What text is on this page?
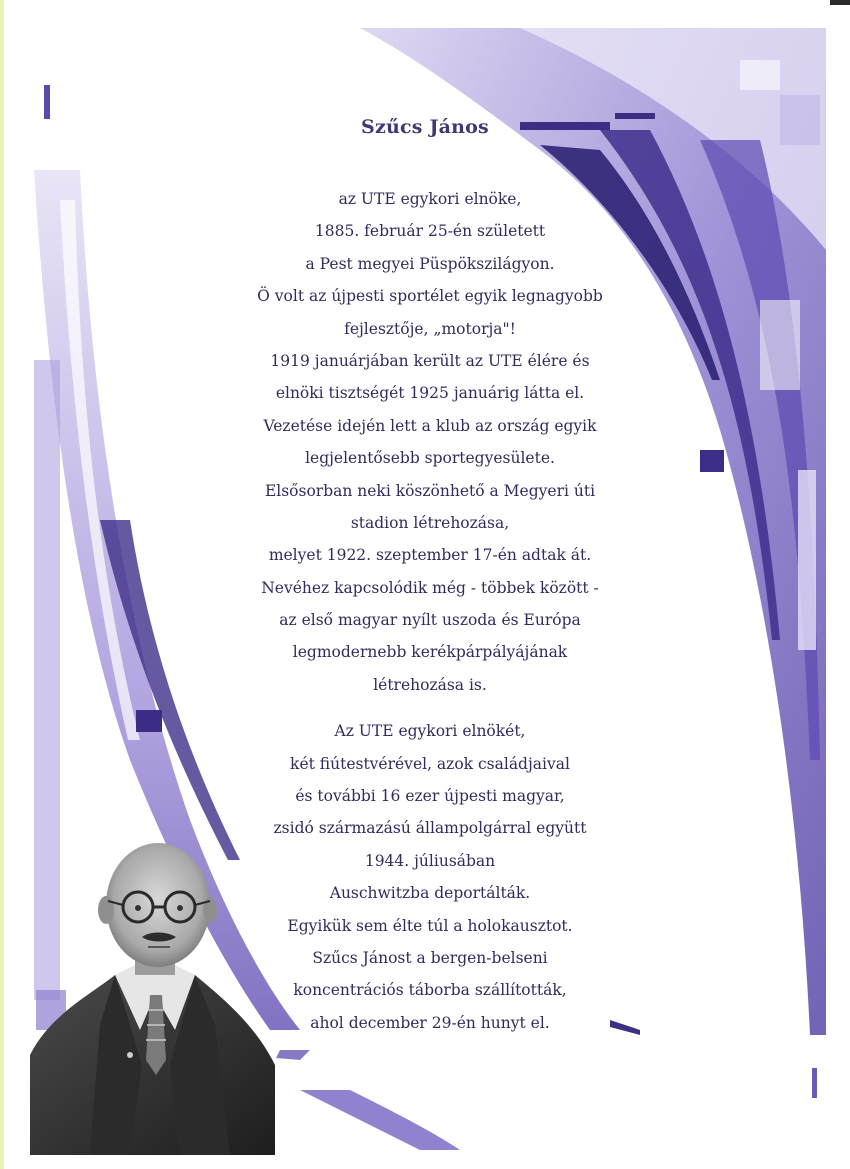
Szűcs János
az UTE egykori elnöke,
1885. február 25-én született
a Pest megyei Püspökszilágyon.
Ö volt az újpesti sportélet egyik legnagyobb
fejlesztője, „motorja"!
1919 januárjában került az UTE élére és
elnöki tisztségét 1925 januárig látta el.
Vezetése idején lett a klub az ország egyik
legjelentősebb sportegyesülete.
Elsősorban neki köszönhető a Megyeri úti
stadion létrehozása,
melyet 1922. szeptember 17-én adtak át.
Nevéhez kapcsolódik még - többek között -
az első magyar nyílt uszoda és Európa
legmodernebb kerékpárpályájának
létrehozása is.
Az UTE egykori elnökét,
két fiútestvérével, azok családjaival
és további 16 ezer újpesti magyar,
zsidó származású állampolgárral együtt
1944. júliusában
Auschwitzba deportálták.
Egyikük sem élte túl a holokausztot.
Szűcs Jánost a bergen-belseni
koncentrációs táborba szállították,
ahol december 29-én hunyt el.
